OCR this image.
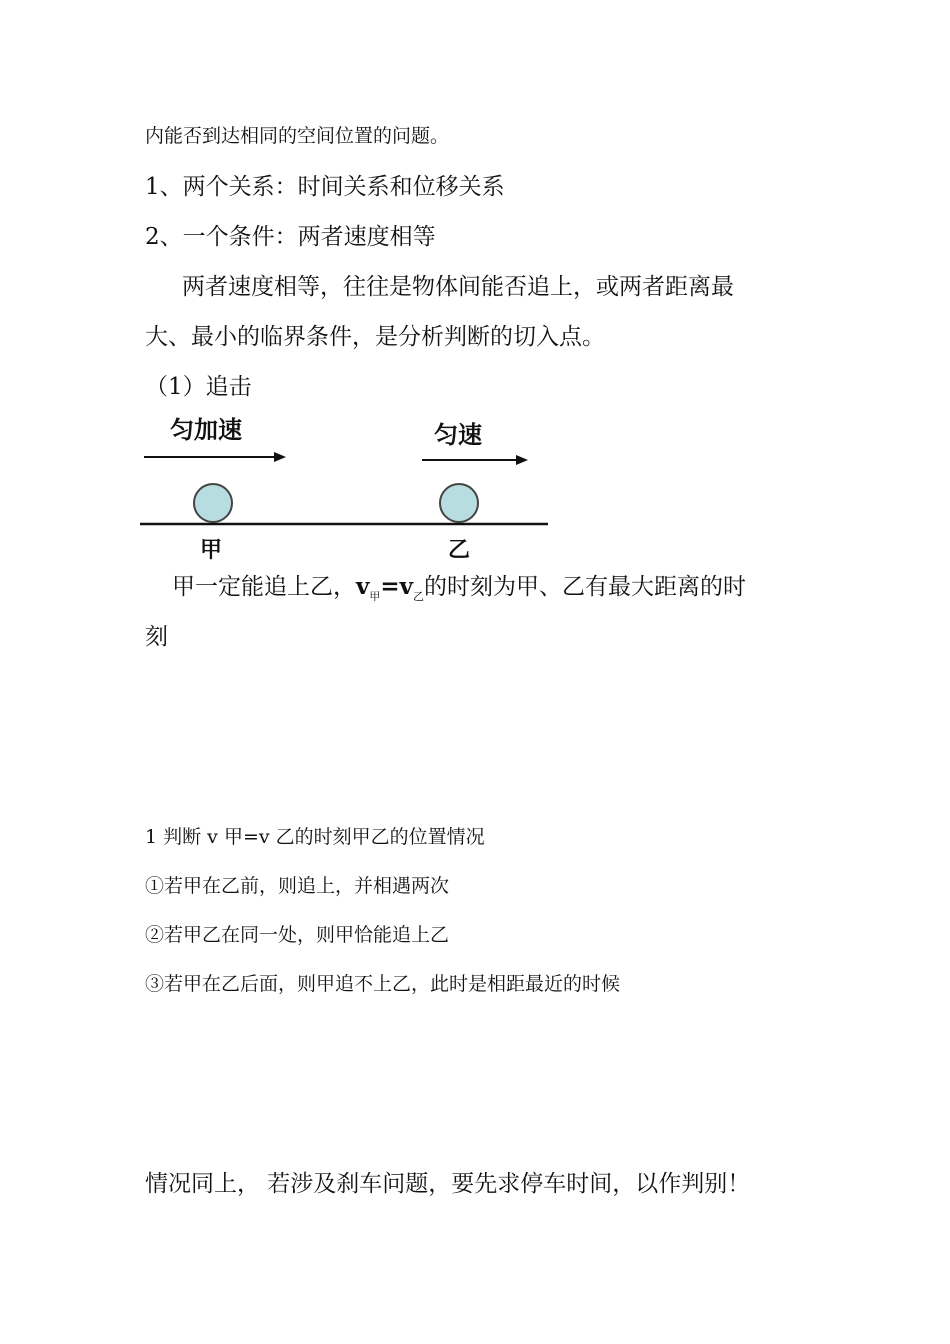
内能否到达相同的空间位置的问题。
1、两个关系：时间关系和位移关系
2、一个条件：两者速度相等
两者速度相等，往往是物体间能否追上，或两者距离最
大、最小的临界条件，是分析判断的切入点。
（1）追击
匀加速	匀速
甲	乙
甲一定能追上乙，$v_甲=v_乙$的时刻为甲、乙有最大距离的时
刻
1 判断 v 甲=v 乙的时刻甲乙的位置情况
①若甲在乙前，则追上，并相遇两次
②若甲乙在同一处，则甲恰能追上乙
③若甲在乙后面，则甲追不上乙，此时是相距最近的时候
情况同上， 若涉及刹车问题，要先求停车时间，以作判别！
